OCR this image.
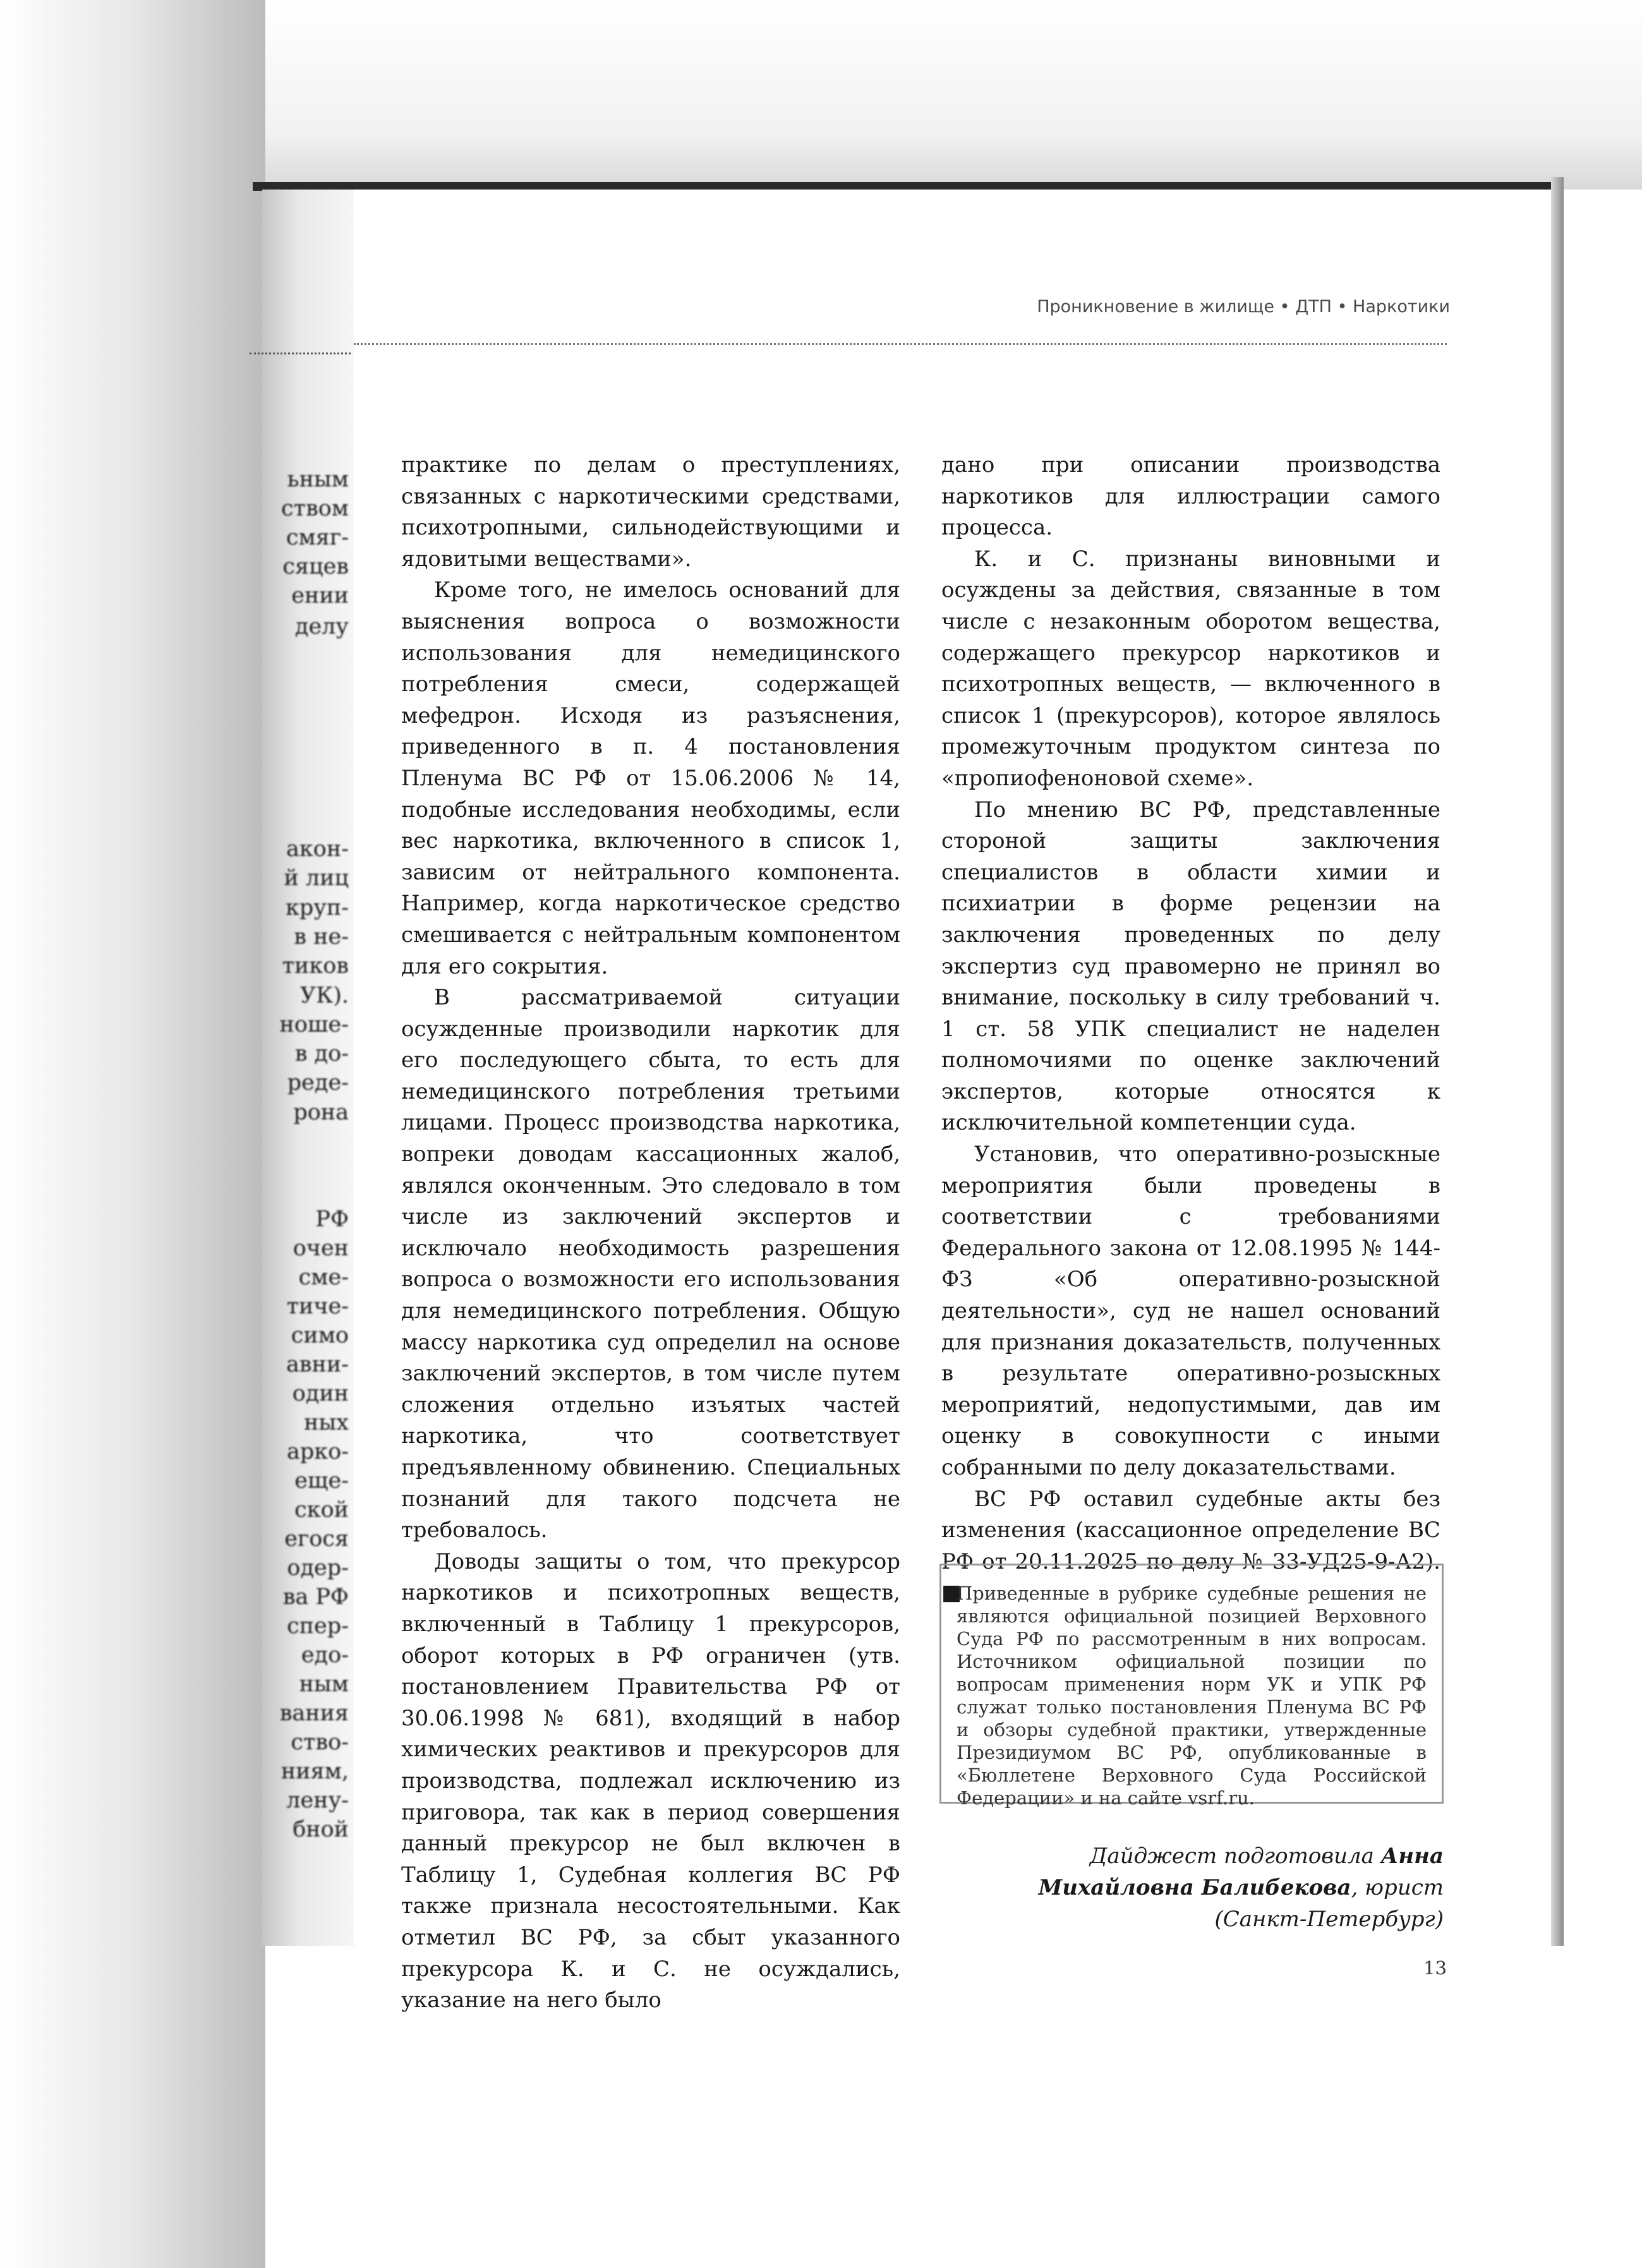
ьным
ством
смяг-
сяцев
ении
делу
акон-
й лиц
круп-
в не-
тиков
УК).
ноше-
в до-
реде-
рона
РФ
очен
сме-
тиче-
симо
авни-
один
ных
арко-
еще-
ской
егося
одер-
ва РФ
спер-
едо-
ным
вания
ство-
ниям,
лену-
бной
Проникновение в жилище • ДТП • Наркотики

практике по делам о преступлениях, связанных с наркотическими средствами, психотропными, сильнодействующими и ядовитыми веществами».

Кроме того, не имелось оснований для выяснения вопроса о возможности использования для немедицинского потребления смеси, содержащей мефедрон. Исходя из разъяснения, приведенного в п. 4 постановления Пленума ВС РФ от 15.06.2006 № 14, подобные исследования необходимы, если вес наркотика, включенного в список 1, зависим от нейтрального компонента. Например, когда наркотическое средство смешивается с нейтральным компонентом для его сокрытия.

В рассматриваемой ситуации осужденные производили наркотик для его последующего сбыта, то есть для немедицинского потребления третьими лицами. Процесс производства наркотика, вопреки доводам кассационных жалоб, являлся оконченным. Это следовало в том числе из заключений экспертов и исключало необходимость разрешения вопроса о возможности его использования для немедицинского потребления. Общую массу наркотика суд определил на основе заключений экспертов, в том числе путем сложения отдельно изъятых частей наркотика, что соответствует предъявленному обвинению. Специальных познаний для такого подсчета не требовалось.

Доводы защиты о том, что прекурсор наркотиков и психотропных веществ, включенный в Таблицу 1 прекурсоров, оборот которых в РФ ограничен (утв. постановлением Правительства РФ от 30.06.1998 № 681), входящий в набор химических реактивов и прекурсоров для производства, подлежал исключению из приговора, так как в период совершения данный прекурсор не был включен в Таблицу 1, Судебная коллегия ВС РФ также признала несостоятельными. Как отметил ВС РФ, за сбыт указанного прекурсора К. и С. не осуждались, указание на него было

дано при описании производства наркотиков для иллюстрации самого процесса.

К. и С. признаны виновными и осуждены за действия, связанные в том числе с незаконным оборотом вещества, содержащего прекурсор наркотиков и психотропных веществ, — включенного в список 1 (прекурсоров), которое являлось промежуточным продуктом синтеза по «пропиофеноновой схеме».

По мнению ВС РФ, представленные стороной защиты заключения специалистов в области химии и психиатрии в форме рецензии на заключения проведенных по делу экспертиз суд правомерно не принял во внимание, поскольку в силу требований ч. 1 ст. 58 УПК специалист не наделен полномочиями по оценке заключений экспертов, которые относятся к исключительной компетенции суда.

Установив, что оперативно-розыскные мероприятия были проведены в соответствии с требованиями Федерального закона от 12.08.1995 № 144-ФЗ «Об оперативно-розыскной деятельности», суд не нашел оснований для признания доказательств, полученных в результате оперативно-розыскных мероприятий, недопустимыми, дав им оценку в совокупности с иными собранными по делу доказательствами.

ВС РФ оставил судебные акты без изменения (кассационное определение ВС РФ от 20.11.2025 по делу № 33-УД25-9-А2). ■

Приведенные в рубрике судебные решения не являются официальной позицией Верховного Суда РФ по рассмотренным в них вопросам. Источником официальной позиции по вопросам применения норм УК и УПК РФ служат только постановления Пленума ВС РФ и обзоры судебной практики, утвержденные Президиумом ВС РФ, опубликованные в «Бюллетене Верховного Суда Российской Федерации» и на сайте vsrf.ru.
Дайджест подготовила Анна Михайловна Балибекова, юрист (Санкт-Петербург)
13
